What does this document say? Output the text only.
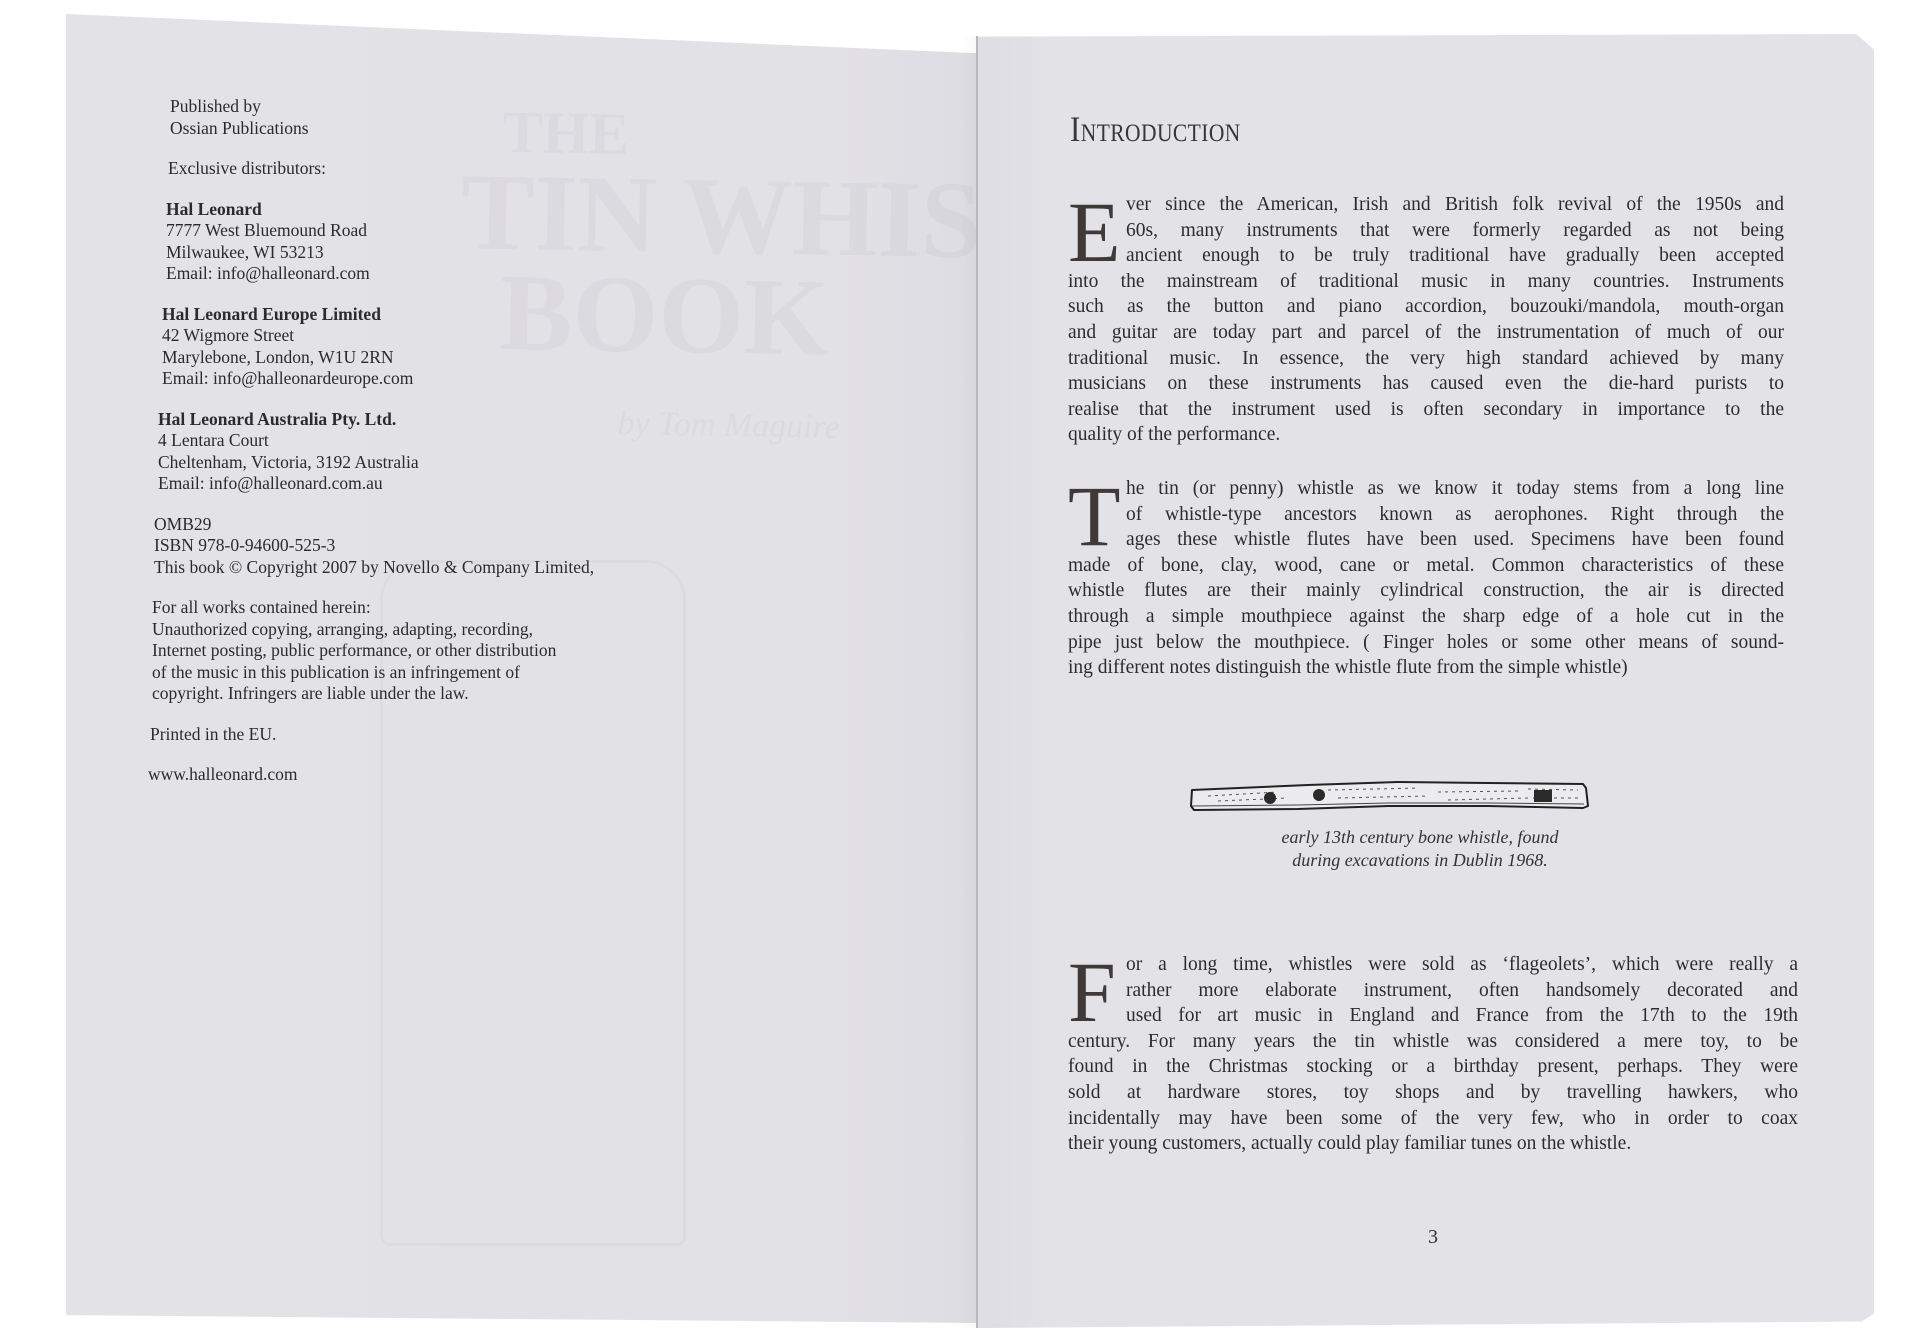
Published by
Ossian Publications
Exclusive distributors:
Hal Leonard
7777 West Bluemound Road
Milwaukee, WI 53213
Email: info@halleonard.com
Hal Leonard Europe Limited
42 Wigmore Street
Marylebone, London, W1U 2RN
Email: info@halleonardeurope.com
Hal Leonard Australia Pty. Ltd.
4 Lentara Court
Cheltenham, Victoria, 3192 Australia
Email: info@halleonard.com.au
OMB29
ISBN 978-0-94600-525-3
This book © Copyright 2007 by Novello & Company Limited,
For all works contained herein:
Unauthorized copying, arranging, adapting, recording,
Internet posting, public performance, or other distribution
of the music in this publication is an infringement of
copyright. Infringers are liable under the law.
Printed in the EU.
www.halleonard.com
Introduction
E ver since the American, Irish and British folk revival of the 1950s and
60s, many instruments that were formerly regarded as not being
ancient enough to be truly traditional have gradually been accepted
into the mainstream of traditional music in many countries. Instruments
such as the button and piano accordion, bouzouki/mandola, mouth-organ
and guitar are today part and parcel of the instrumentation of much of our
traditional music. In essence, the very high standard achieved by many
musicians on these instruments has caused even the die-hard purists to
realise that the instrument used is often secondary in importance to the
quality of the performance.
T he tin (or penny) whistle as we know it today stems from a long line
of whistle-type ancestors known as aerophones. Right through the
ages these whistle flutes have been used. Specimens have been found
made of bone, clay, wood, cane or metal. Common characteristics of these
whistle flutes are their mainly cylindrical construction, the air is directed
through a simple mouthpiece against the sharp edge of a hole cut in the
pipe just below the mouthpiece. ( Finger holes or some other means of sound-
ing different notes distinguish the whistle flute from the simple whistle)
early 13th century bone whistle, found
during excavations in Dublin 1968.
F or a long time, whistles were sold as ‘flageolets’, which were really a
rather more elaborate instrument, often handsomely decorated and
used for art music in England and France from the 17th to the 19th
century. For many years the tin whistle was considered a mere toy, to be
found in the Christmas stocking or a birthday present, perhaps. They were
sold at hardware stores, toy shops and by travelling hawkers, who
incidentally may have been some of the very few, who in order to coax
their young customers, actually could play familiar tunes on the whistle.
3
